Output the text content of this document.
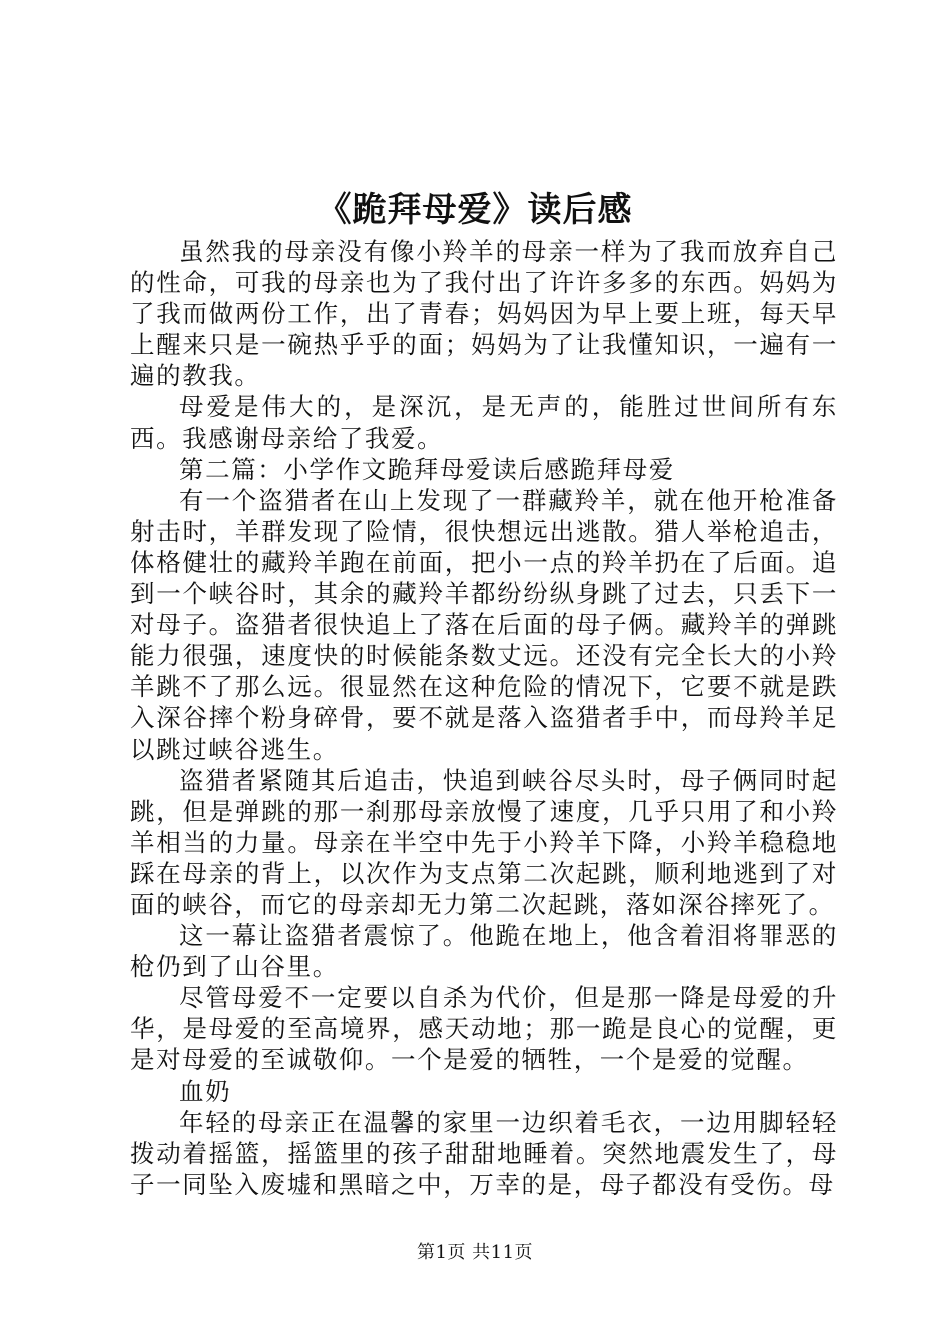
《跪拜母爱》读后感

虽然我的母亲没有像小羚羊的母亲一样为了我而放弃自己的性命，可我的母亲也为了我付出了许许多多的东西。妈妈为了我而做两份工作，出了青春；妈妈因为早上要上班，每天早上醒来只是一碗热乎乎的面；妈妈为了让我懂知识，一遍有一遍的教我。

母爱是伟大的，是深沉，是无声的，能胜过世间所有东西。我感谢母亲给了我爱。

第二篇：小学作文跪拜母爱读后感跪拜母爱

有一个盗猎者在山上发现了一群藏羚羊，就在他开枪准备射击时，羊群发现了险情，很快想远出逃散。猎人举枪追击，体格健壮的藏羚羊跑在前面，把小一点的羚羊扔在了后面。追到一个峡谷时，其余的藏羚羊都纷纷纵身跳了过去，只丢下一对母子。盗猎者很快追上了落在后面的母子俩。藏羚羊的弹跳能力很强，速度快的时候能条数丈远。还没有完全长大的小羚羊跳不了那么远。很显然在这种危险的情况下，它要不就是跌入深谷摔个粉身碎骨，要不就是落入盗猎者手中，而母羚羊足以跳过峡谷逃生。

盗猎者紧随其后追击，快追到峡谷尽头时，母子俩同时起跳，但是弹跳的那一刹那母亲放慢了速度，几乎只用了和小羚羊相当的力量。母亲在半空中先于小羚羊下降，小羚羊稳稳地踩在母亲的背上，以次作为支点第二次起跳，顺利地逃到了对面的峡谷，而它的母亲却无力第二次起跳，落如深谷摔死了。

这一幕让盗猎者震惊了。他跪在地上，他含着泪将罪恶的枪仍到了山谷里。

尽管母爱不一定要以自杀为代价，但是那一降是母爱的升华，是母爱的至高境界，感天动地；那一跪是良心的觉醒，更是对母爱的至诚敬仰。一个是爱的牺牲，一个是爱的觉醒。

血奶

年轻的母亲正在温馨的家里一边织着毛衣，一边用脚轻轻拨动着摇篮，摇篮里的孩子甜甜地睡着。突然地震发生了，母子一同坠入废墟和黑暗之中，万幸的是，母子都没有受伤。母

第1页 共11页
